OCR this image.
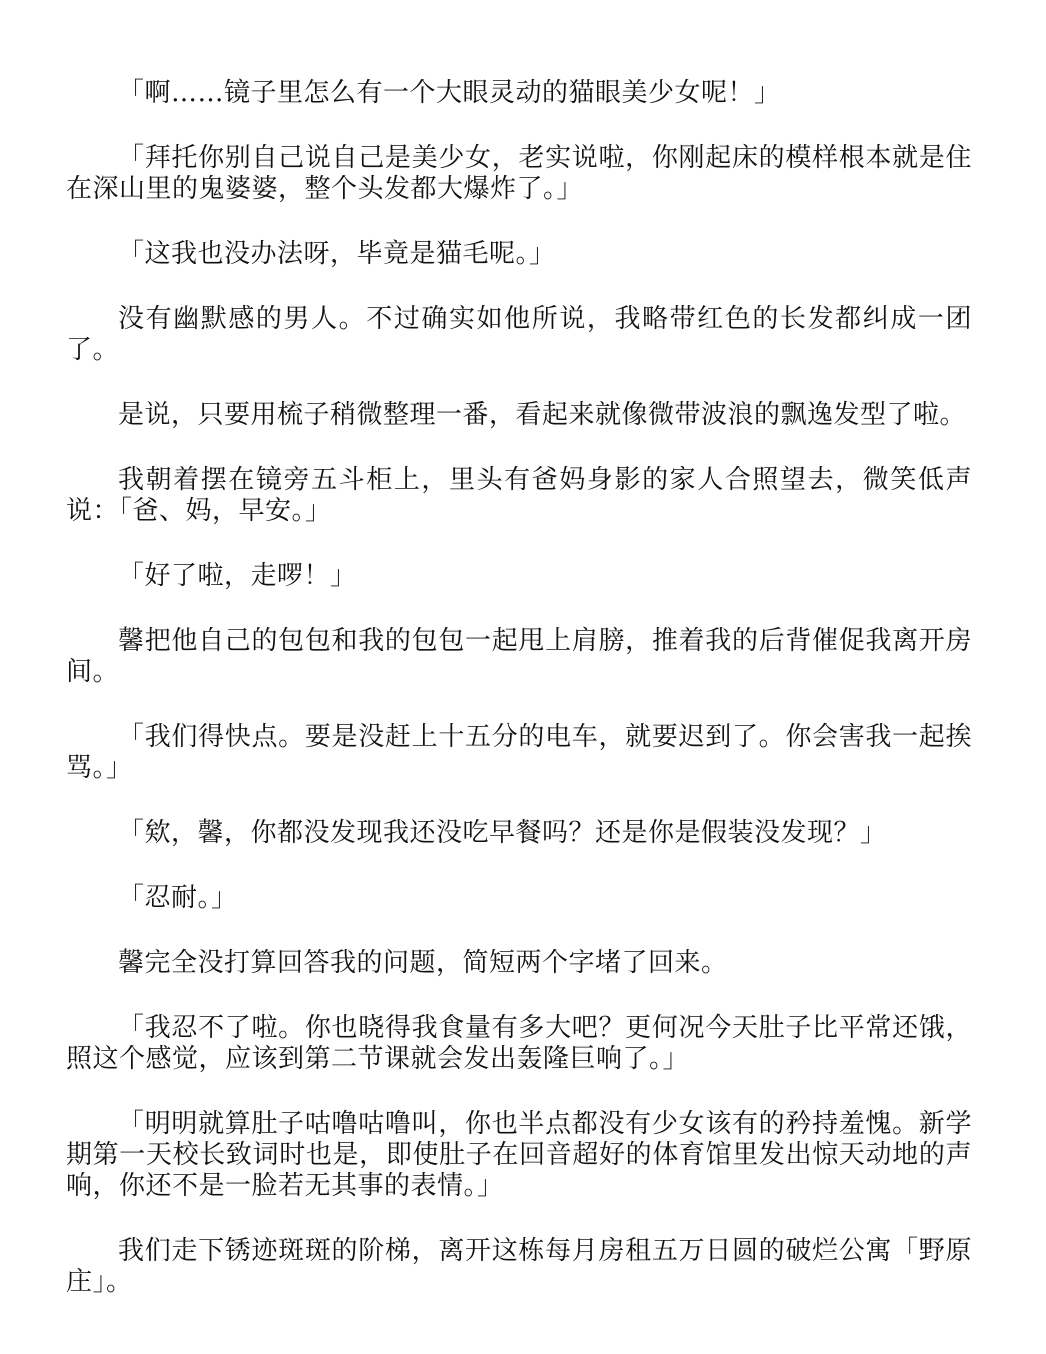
「啊……镜子里怎么有一个大眼灵动的猫眼美少女呢！」

「拜托你别自己说自己是美少女，老实说啦，你刚起床的模样根本就是住在深山里的鬼婆婆，整个头发都大爆炸了。」

「这我也没办法呀，毕竟是猫毛呢。」

没有幽默感的男人。不过确实如他所说，我略带红色的长发都纠成一团了。

是说，只要用梳子稍微整理一番，看起来就像微带波浪的飘逸发型了啦。

我朝着摆在镜旁五斗柜上，里头有爸妈身影的家人合照望去，微笑低声说：「爸、妈，早安。」

「好了啦，走啰！」

馨把他自己的包包和我的包包一起甩上肩膀，推着我的后背催促我离开房间。

「我们得快点。要是没赶上十五分的电车，就要迟到了。你会害我一起挨骂。」

「欸，馨，你都没发现我还没吃早餐吗？还是你是假装没发现？」

「忍耐。」

馨完全没打算回答我的问题，简短两个字堵了回来。

「我忍不了啦。你也晓得我食量有多大吧？更何况今天肚子比平常还饿，照这个感觉，应该到第二节课就会发出轰隆巨响了。」

「明明就算肚子咕噜咕噜叫，你也半点都没有少女该有的矜持羞愧。新学期第一天校长致词时也是，即使肚子在回音超好的体育馆里发出惊天动地的声响，你还不是一脸若无其事的表情。」

我们走下锈迹斑斑的阶梯，离开这栋每月房租五万日圆的破烂公寓「野原庄」。
